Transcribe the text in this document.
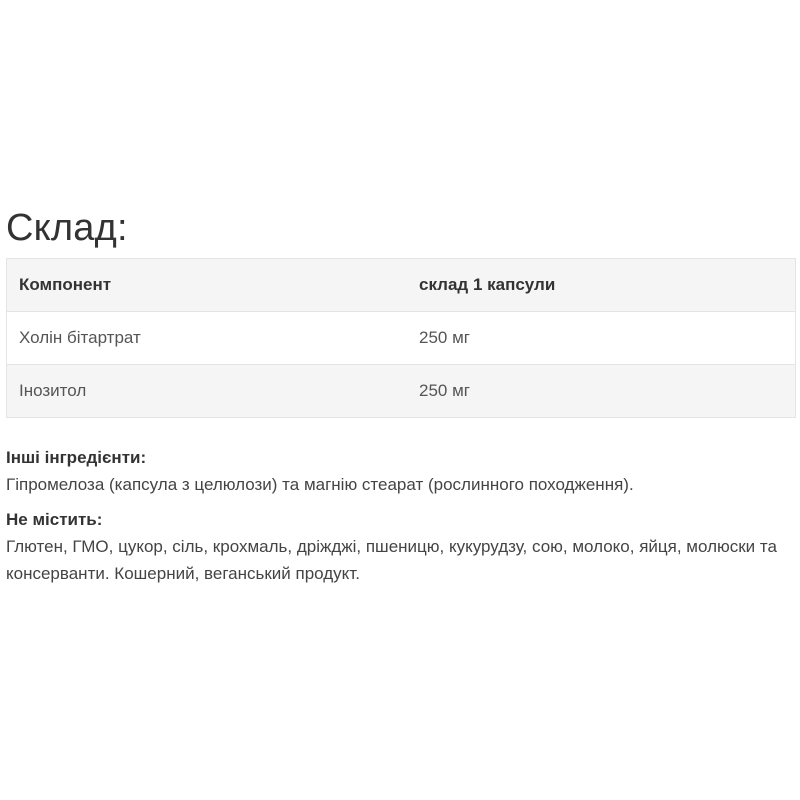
Склад:
Компонент	склад 1 капсули
Холін бітартрат	250 мг
Інозитол	250 мг
Інші інгредієнти:
Гіпромелоза (капсула з целюлози) та магнію стеарат (рослинного походження).
Не містить:
Глютен, ГМО, цукор, сіль, крохмаль, дріжджі, пшеницю, кукурудзу, сою, молоко, яйця, молюски та консерванти. Кошерний, веганський продукт.
